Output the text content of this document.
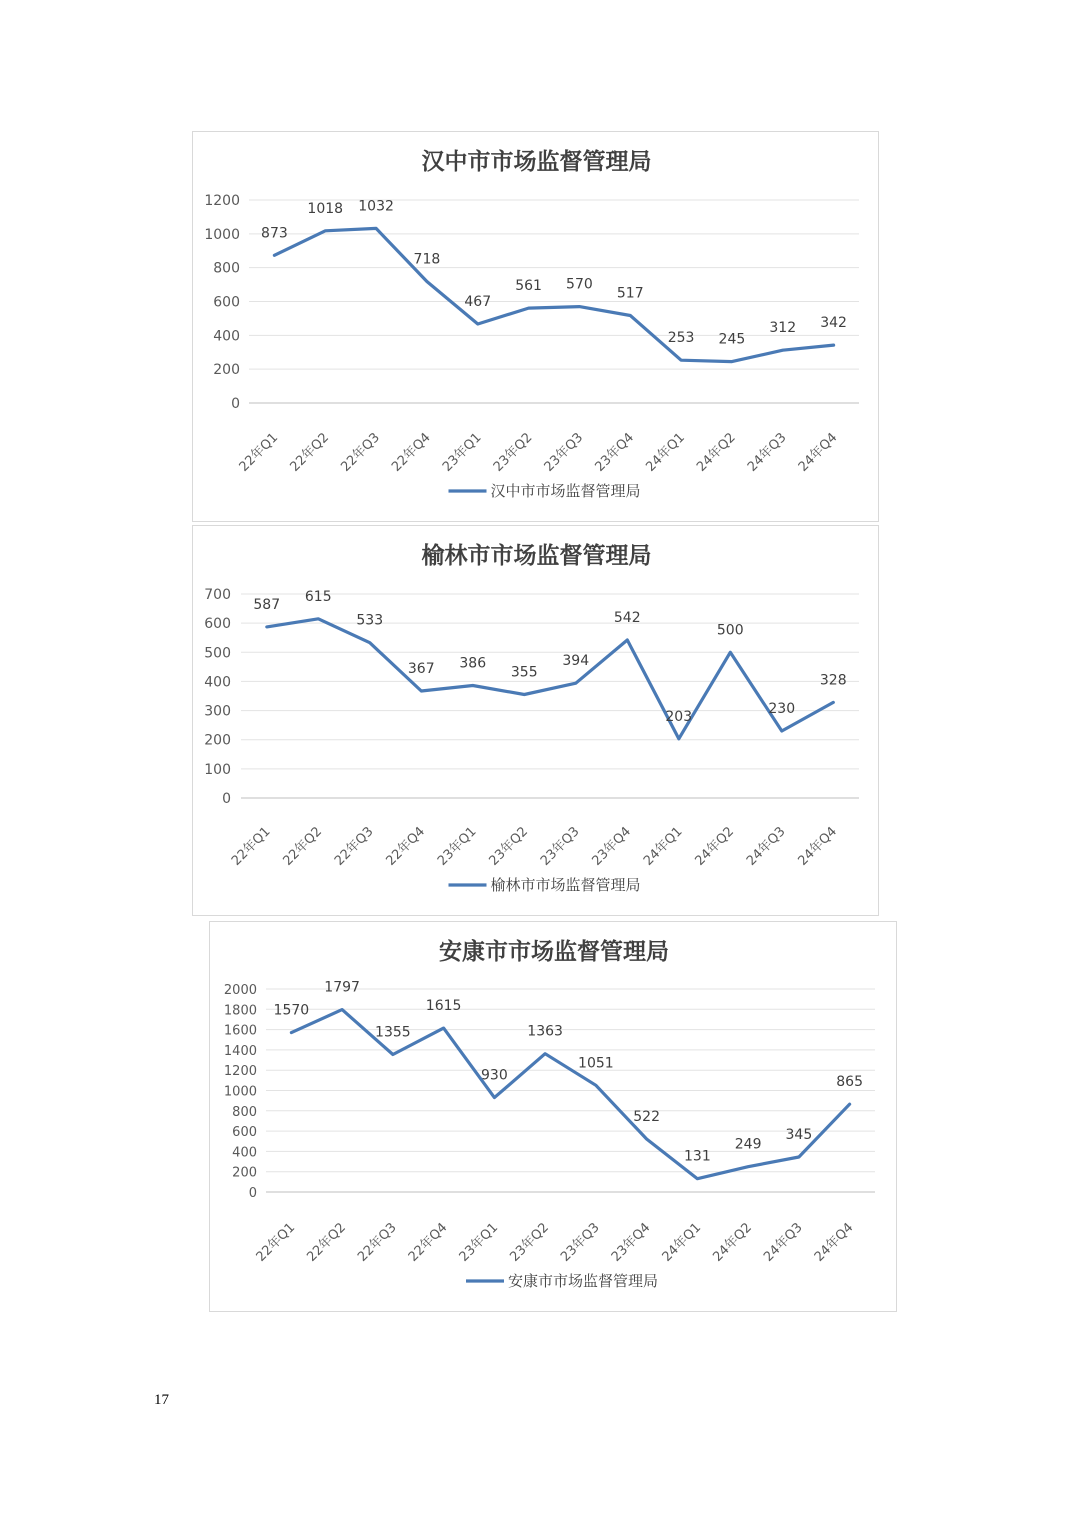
汉中市市场监督管理局
0
200
400
600
800
1000
1200
22年Q1 22年Q2 22年Q3 22年Q4 23年Q1 23年Q2 23年Q3 23年Q4 24年Q1 24年Q2 24年Q3 24年Q4
873
1018 1032
718
467
561 570
517
253 245
312 342
汉中市市场监督管理局
榆林市市场监督管理局
0
100
200
300
400
500
600
700
22年Q1 22年Q2 22年Q3 22年Q4 23年Q1 23年Q2 23年Q3 23年Q4 24年Q1 24年Q2 24年Q3 24年Q4
587
615
533
367 386
355
394
542
203
500
230
328
榆林市市场监督管理局
安康市市场监督管理局
0
200
400
600
800
1000
1200
1400
1600
1800
2000
22年Q1 22年Q2 22年Q3 22年Q4 23年Q1 23年Q2 23年Q3 23年Q4 24年Q1 24年Q2 24年Q3 24年Q4
1570
1797
1355
1615
930
1363
1051
522
131
249
345
865
安康市市场监督管理局
17
